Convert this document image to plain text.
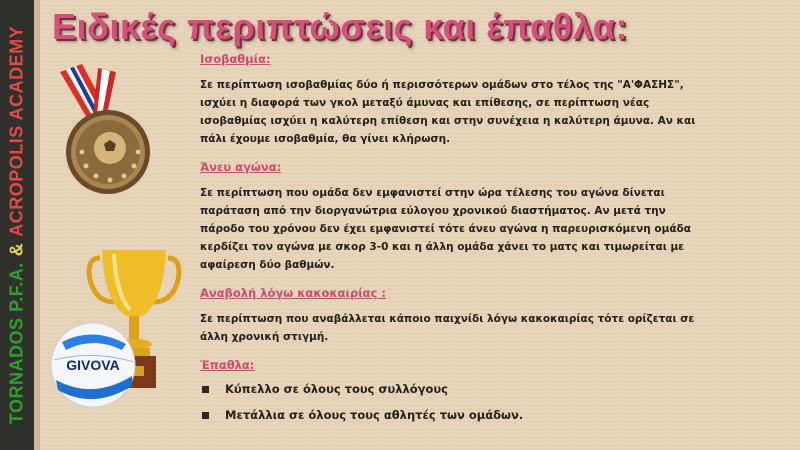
TORNADOS P.F.A.&ACROPOLIS ACADEMY Ειδικές περιπτώσεις και έπαθλα:
GIVOVA
Ισοβαθμία:
Σε περίπτωση ισοβαθμίας δύο ή περισσότερων ομάδων στο τέλος της "Α'ΦΑΣΗΣ", ισχύει η διαφορά των γκολ μεταξύ άμυνας και επίθεσης, σε περίπτωση νέας ισοβαθμίας ισχύει η καλύτερη επίθεση και στην συνέχεια η καλύτερη άμυνα. Αν και πάλι έχουμε ισοβαθμία, θα γίνει κλήρωση.
Άνευ αγώνα:
Σε περίπτωση που ομάδα δεν εμφανιστεί στην ώρα τέλεσης του αγώνα δίνεται παράταση από την διοργανώτρια εύλογου χρονικού διαστήματος. Αν μετά την πάροδο του χρόνου δεν έχει εμφανιστεί τότε άνευ αγώνα η παρευρισκόμενη ομάδα κερδίζει τον αγώνα με σκορ 3-0 και η άλλη ομάδα χάνει το ματς και τιμωρείται με αφαίρεση δύο βαθμών.
Αναβολή λόγω κακοκαιρίας :
Σε περίπτωση που αναβάλλεται κάποιο παιχνίδι λόγω κακοκαιρίας τότε ορίζεται σε άλλη χρονική στιγμή.
Έπαθλα:
Κύπελλο σε όλους τους συλλόγους
Μετάλλια σε όλους τους αθλητές των ομάδων.
